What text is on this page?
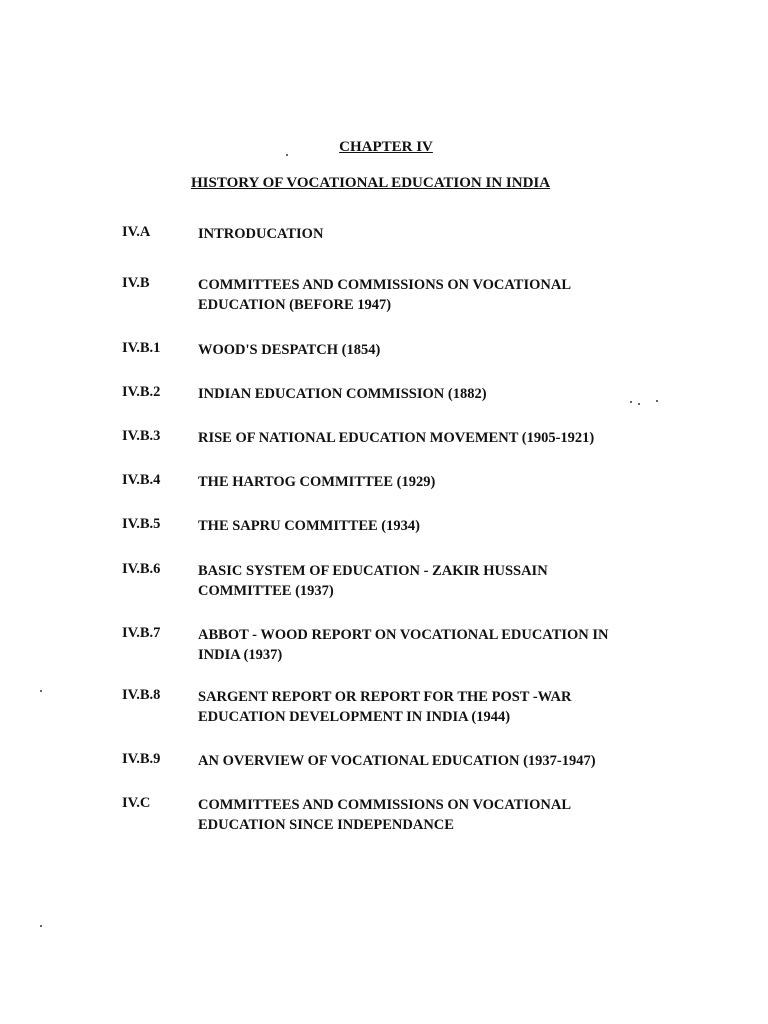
CHAPTER IV
HISTORY OF VOCATIONAL EDUCATION IN INDIA
IV.A	INTRODUCATION
IV.B	COMMITTEES AND COMMISSIONS ON VOCATIONAL EDUCATION (BEFORE 1947)
IV.B.1	WOOD'S DESPATCH (1854)
IV.B.2	INDIAN EDUCATION COMMISSION (1882)
IV.B.3	RISE OF NATIONAL EDUCATION MOVEMENT (1905-1921)
IV.B.4	THE HARTOG COMMITTEE (1929)
IV.B.5	THE SAPRU COMMITTEE (1934)
IV.B.6	BASIC SYSTEM OF EDUCATION - ZAKIR HUSSAIN COMMITTEE (1937)
IV.B.7	ABBOT - WOOD REPORT ON VOCATIONAL EDUCATION IN INDIA (1937)
IV.B.8	SARGENT REPORT OR REPORT FOR THE POST -WAR EDUCATION DEVELOPMENT IN INDIA (1944)
IV.B.9	AN OVERVIEW OF VOCATIONAL EDUCATION (1937-1947)
IV.C	COMMITTEES AND COMMISSIONS ON VOCATIONAL EDUCATION SINCE INDEPENDANCE
